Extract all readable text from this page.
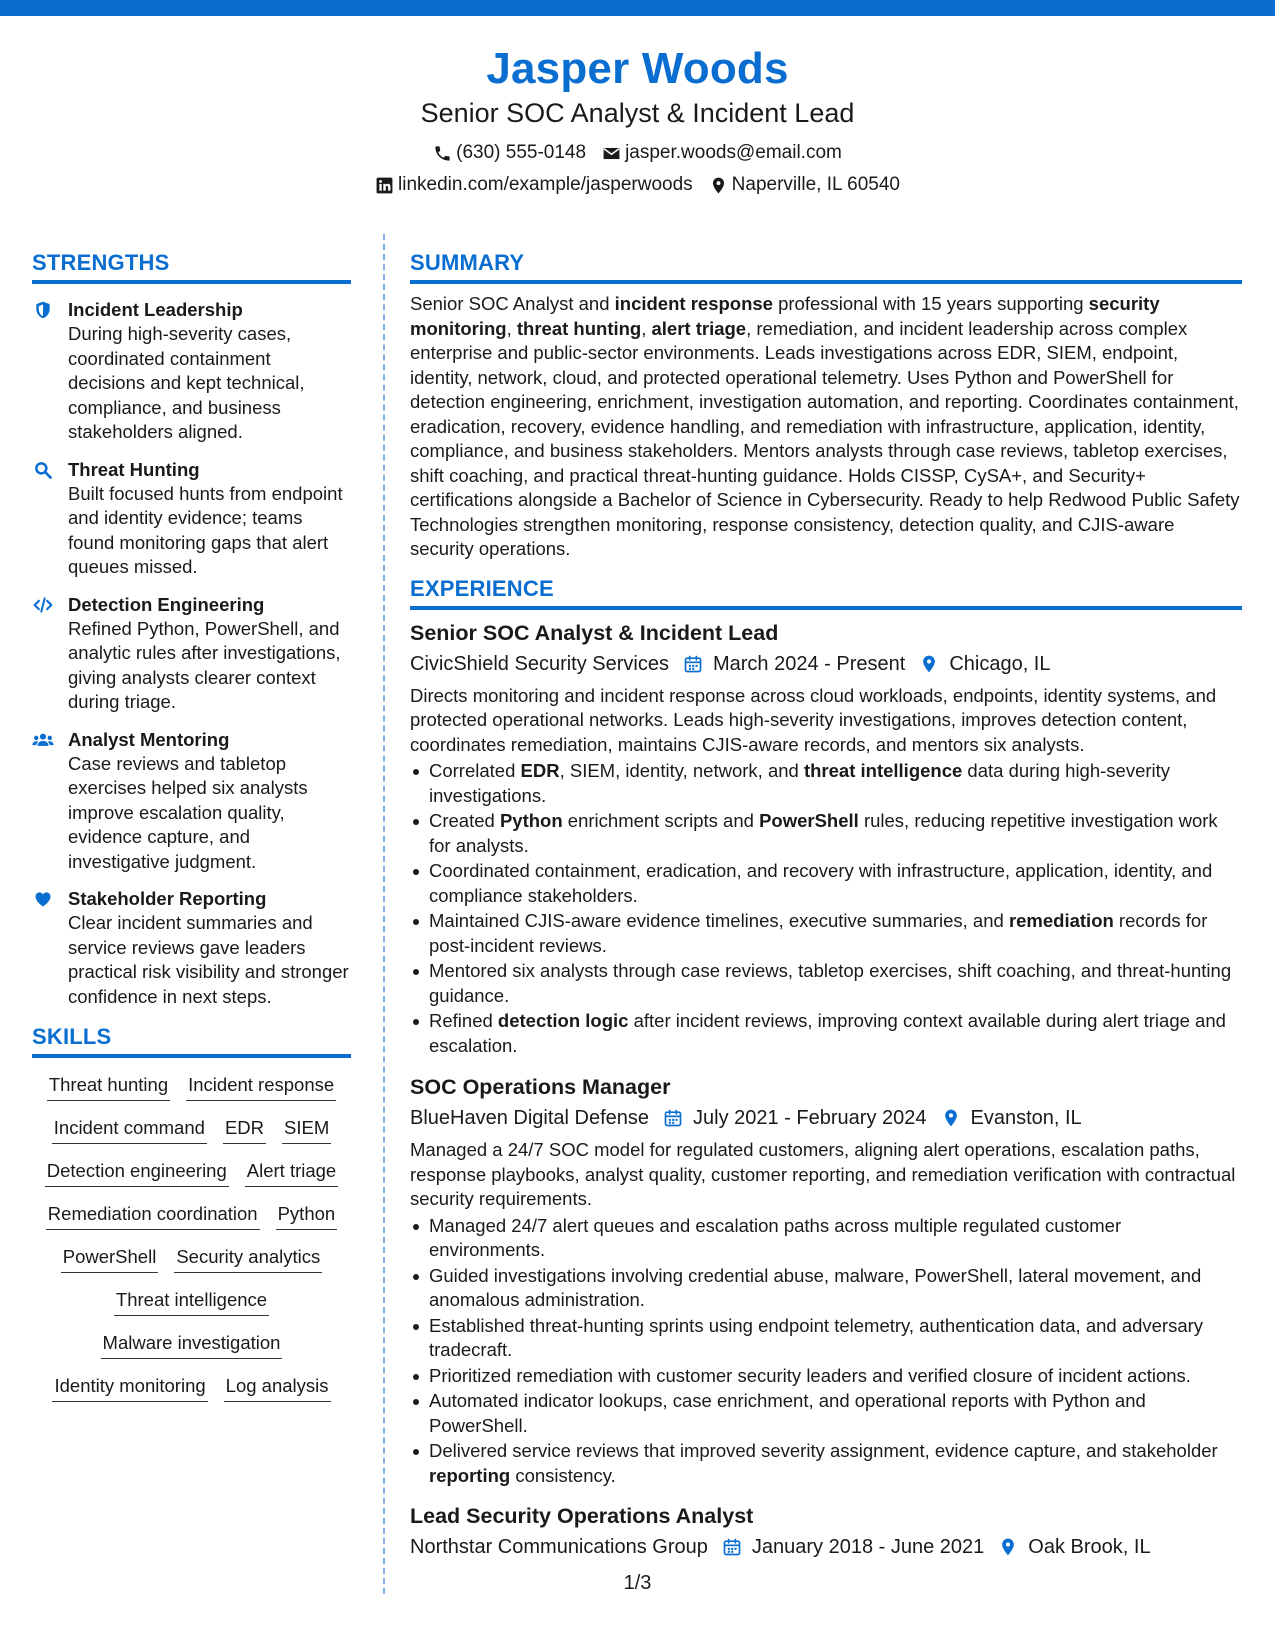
Jasper Woods
Senior SOC Analyst & Incident Lead
(630) 555-0148 jasper.woods@email.com
linkedin.com/example/jasperwoods Naperville, IL 60540
STRENGTHS
Incident Leadership
During high-severity cases, coordinated containment decisions and kept technical, compliance, and business stakeholders aligned.
Threat Hunting
Built focused hunts from endpoint and identity evidence; teams found monitoring gaps that alert queues missed.
Detection Engineering
Refined Python, PowerShell, and analytic rules after investigations, giving analysts clearer context during triage.
Analyst Mentoring
Case reviews and tabletop exercises helped six analysts improve escalation quality, evidence capture, and investigative judgment.
Stakeholder Reporting
Clear incident summaries and service reviews gave leaders practical risk visibility and stronger confidence in next steps.
SKILLS
Threat hunting Incident response
Incident command EDR SIEM
Detection engineering Alert triage
Remediation coordination Python
PowerShell Security analytics
Threat intelligence
Malware investigation
Identity monitoring Log analysis
SUMMARY
Senior SOC Analyst and incident response professional with 15 years supporting security monitoring, threat hunting, alert triage, remediation, and incident leadership across complex enterprise and public-sector environments. Leads investigations across EDR, SIEM, endpoint, identity, network, cloud, and protected operational telemetry. Uses Python and PowerShell for detection engineering, enrichment, investigation automation, and reporting. Coordinates containment, eradication, recovery, evidence handling, and remediation with infrastructure, application, identity, compliance, and business stakeholders. Mentors analysts through case reviews, tabletop exercises, shift coaching, and practical threat-hunting guidance. Holds CISSP, CySA+, and Security+ certifications alongside a Bachelor of Science in Cybersecurity. Ready to help Redwood Public Safety Technologies strengthen monitoring, response consistency, detection quality, and CJIS-aware security operations.
EXPERIENCE
Senior SOC Analyst & Incident Lead
CivicShield Security Services March 2024 - Present Chicago, IL
Directs monitoring and incident response across cloud workloads, endpoints, identity systems, and protected operational networks. Leads high-severity investigations, improves detection content, coordinates remediation, maintains CJIS-aware records, and mentors six analysts.
Correlated EDR, SIEM, identity, network, and threat intelligence data during high-severity investigations.
Created Python enrichment scripts and PowerShell rules, reducing repetitive investigation work for analysts.
Coordinated containment, eradication, and recovery with infrastructure, application, identity, and compliance stakeholders.
Maintained CJIS-aware evidence timelines, executive summaries, and remediation records for post-incident reviews.
Mentored six analysts through case reviews, tabletop exercises, shift coaching, and threat-hunting guidance.
Refined detection logic after incident reviews, improving context available during alert triage and escalation.
SOC Operations Manager
BlueHaven Digital Defense July 2021 - February 2024 Evanston, IL
Managed a 24/7 SOC model for regulated customers, aligning alert operations, escalation paths, response playbooks, analyst quality, customer reporting, and remediation verification with contractual security requirements.
Managed 24/7 alert queues and escalation paths across multiple regulated customer environments.
Guided investigations involving credential abuse, malware, PowerShell, lateral movement, and anomalous administration.
Established threat-hunting sprints using endpoint telemetry, authentication data, and adversary tradecraft.
Prioritized remediation with customer security leaders and verified closure of incident actions.
Automated indicator lookups, case enrichment, and operational reports with Python and PowerShell.
Delivered service reviews that improved severity assignment, evidence capture, and stakeholder reporting consistency.
Lead Security Operations Analyst
Northstar Communications Group January 2018 - June 2021 Oak Brook, IL
1/3
